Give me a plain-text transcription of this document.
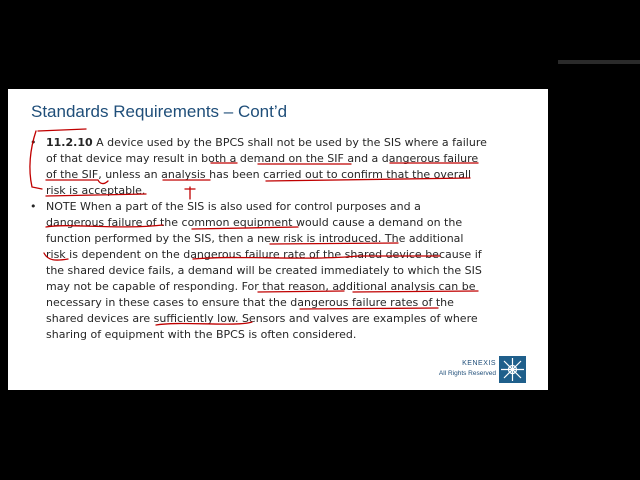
Standards Requirements – Cont’d
• 11.2.10 A device used by the BPCS shall not be used by the SIS where a failure
of that device may result in both a demand on the SIF and a dangerous failure
of the SIF, unless an analysis has been carried out to confirm that the overall
risk is acceptable.
• NOTE When a part of the SIS is also used for control purposes and a
dangerous failure of the common equipment would cause a demand on the
function performed by the SIS, then a new risk is introduced. The additional
risk is dependent on the dangerous failure rate of the shared device because if
the shared device fails, a demand will be created immediately to which the SIS
may not be capable of responding. For that reason, additional analysis can be
necessary in these cases to ensure that the dangerous failure rates of the
shared devices are sufficiently low. Sensors and valves are examples of where
sharing of equipment with the BPCS is often considered.
KENEXIS
All Rights Reserved
